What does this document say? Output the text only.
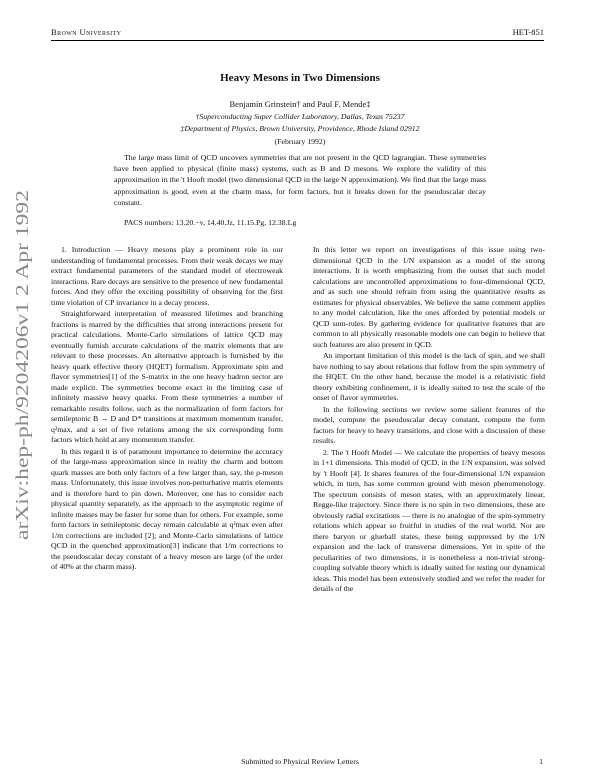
Brown University	HET-851
arXiv:hep-ph/9204206v1 2 Apr 1992
Heavy Mesons in Two Dimensions
Benjamín Grinstein† and Paul F. Mende‡
†Superconducting Super Collider Laboratory, Dallas, Texas 75237
‡Department of Physics, Brown University, Providence, Rhode Island 02912
(February 1992)
The large mass limit of QCD uncovers symmetries that are not present in the QCD lagrangian. These symmetries have been applied to physical (finite mass) systems, such as B and D mesons. We explore the validity of this approximation in the 't Hooft model (two dimensional QCD in the large N approximation). We find that the large mass approximation is good, even at the charm mass, for form factors, but it breaks down for the pseudoscalar decay constant.
PACS numbers: 13.20.−v, 14.40.Jz, 11.15.Pg, 12.38.Lg

1. Introduction — Heavy mesons play a prominent role in our understanding of fundamental processes. From their weak decays we may extract fundamental parameters of the standard model of electroweak interactions. Rare decays are sensitive to the presence of new fundamental forces. And they offer the exciting possibility of observing for the first time violation of CP invariance in a decay process.

Straightforward interpretation of measured lifetimes and branching fractions is marred by the difficulties that strong interactions present for practical calculations. Monte-Carlo simulations of lattice QCD may eventually furnish accurate calculations of the matrix elements that are relevant to these processes. An alternative approach is furnished by the heavy quark effective theory (HQET) formalism. Approximate spin and flavor symmetries[1] of the S-matrix in the one heavy hadron sector are made explicit. The symmetries become exact in the limiting case of infinitely massive heavy quarks. From these symmetries a number of remarkable results follow, such as the normalization of form factors for semileptonic B → D and D* transitions at maximum momentum transfer, q²max, and a set of five relations among the six corresponding form factors which hold at any momentum transfer.

In this regard it is of paramount importance to determine the accuracy of the large-mass approximation since in reality the charm and bottom quark masses are both only factors of a few larger than, say, the ρ-meson mass. Unfortunately, this issue involves non-perturbative matrix elements and is therefore hard to pin down. Moreover, one has to consider each physical quantity separately, as the approach to the asymptotic regime of infinite masses may be faster for some than for others. For example, some form factors in semileptonic decay remain calculable at q²max even after 1/m corrections are included [2]; and Monte-Carlo simulations of lattice QCD in the quenched approximation[3] indicate that 1/m corrections to the pseudoscalar decay constant of a heavy meson are large (of the order of 40% at the charm mass).

In this letter we report on investigations of this issue using two-dimensional QCD in the 1/N expansion as a model of the strong interactions. It is worth emphasizing from the outset that such model calculations are uncontrolled approximations to four-dimensional QCD, and as such one should refrain from using the quantitative results as estimates for physical observables. We believe the same comment applies to any model calculation, like the ones afforded by potential models or QCD sum-rules. By gathering evidence for qualitative features that are common to all physically reasonable models one can begin to believe that such features are also present in QCD.

An important limitation of this model is the lack of spin, and we shall have nothing to say about relations that follow from the spin symmetry of the HQET. On the other hand, because the model is a relativistic field theory exhibiting confinement, it is ideally suited to test the scale of the onset of flavor symmetries.

In the following sections we review some salient features of the model, compute the pseudoscalar decay constant, compute the form factors for heavy to heavy transitions, and close with a discussion of these results.

2. The 't Hooft Model — We calculate the properties of heavy mesons in 1+1 dimensions. This model of QCD, in the 1/N expansion, was solved by 't Hooft [4]. It shares features of the four-dimensional 1/N expansion which, in turn, has some common ground with meson phenomenology. The spectrum consists of meson states, with an approximately linear, Regge-like trajectory. Since there is no spin in two dimensions, these are obviously radial excitations — there is no analogue of the spin-symmetry relations which appear so fruitful in studies of the real world. Nor are there baryon or glueball states, these being suppressed by the 1/N expansion and the lack of transverse dimensions. Yet in spite of the peculiarities of two dimensions, it is nonetheless a non-trivial strong-coupling solvable theory which is ideally suited for testing our dynamical ideas. This model has been extensively studied and we refer the reader for details of the

Submitted to Physical Review Letters	1
